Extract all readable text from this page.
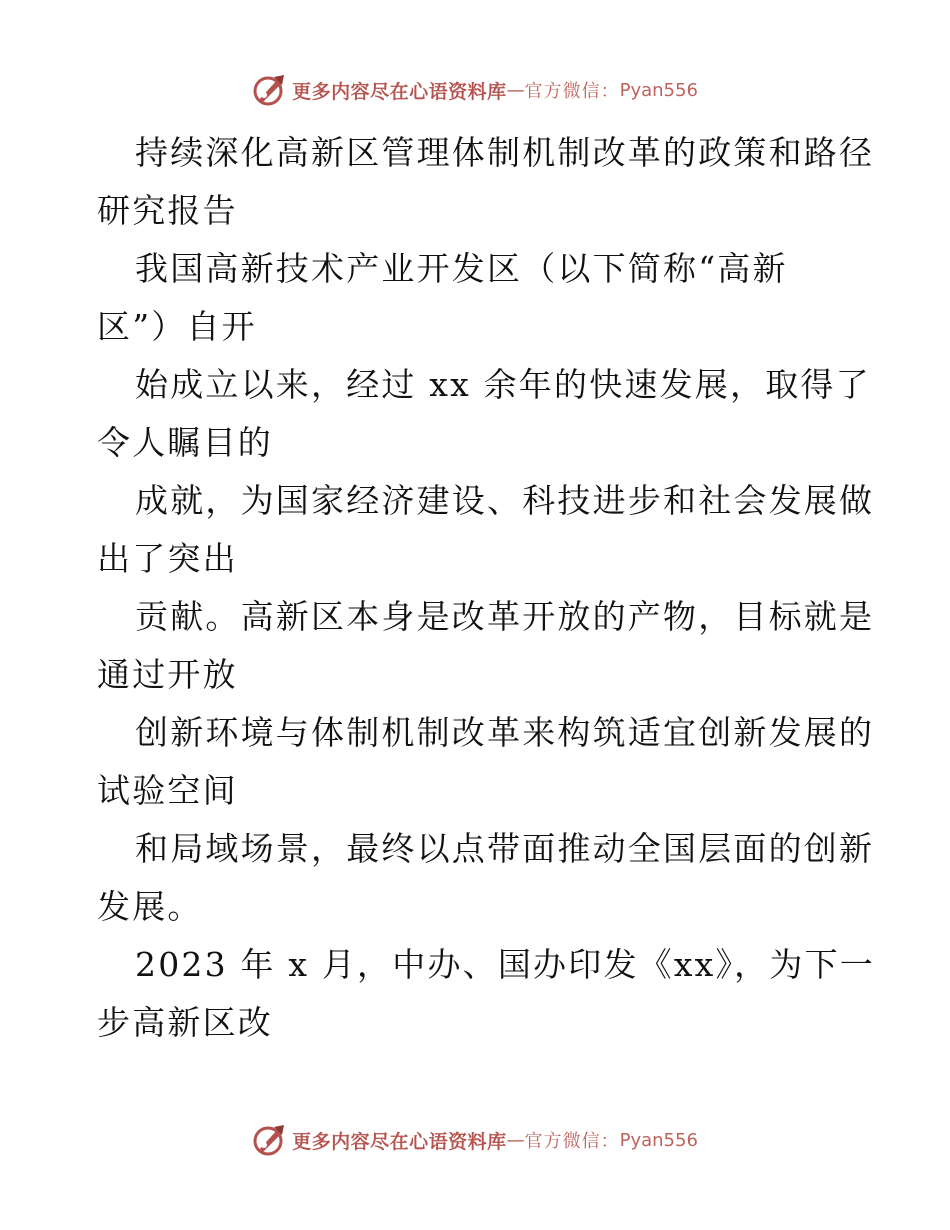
更多内容尽在心语资料库 — 官方微信： Pyan556

持续深化高新区管理体制机制改革的政策和路径
研究报告

我国高新技术产业开发区（以下简称“高新
区”）自开

始成立以来，经过 xx 余年的快速发展，取得了
令人瞩目的

成就，为国家经济建设、科技进步和社会发展做
出了突出

贡献。高新区本身是改革开放的产物，目标就是
通过开放

创新环境与体制机制改革来构筑适宜创新发展的
试验空间

和局域场景，最终以点带面推动全国层面的创新
发展。

2023 年 x 月，中办、国办印发《xx》，为下一
步高新区改

更多内容尽在心语资料库 — 官方微信： Pyan556
